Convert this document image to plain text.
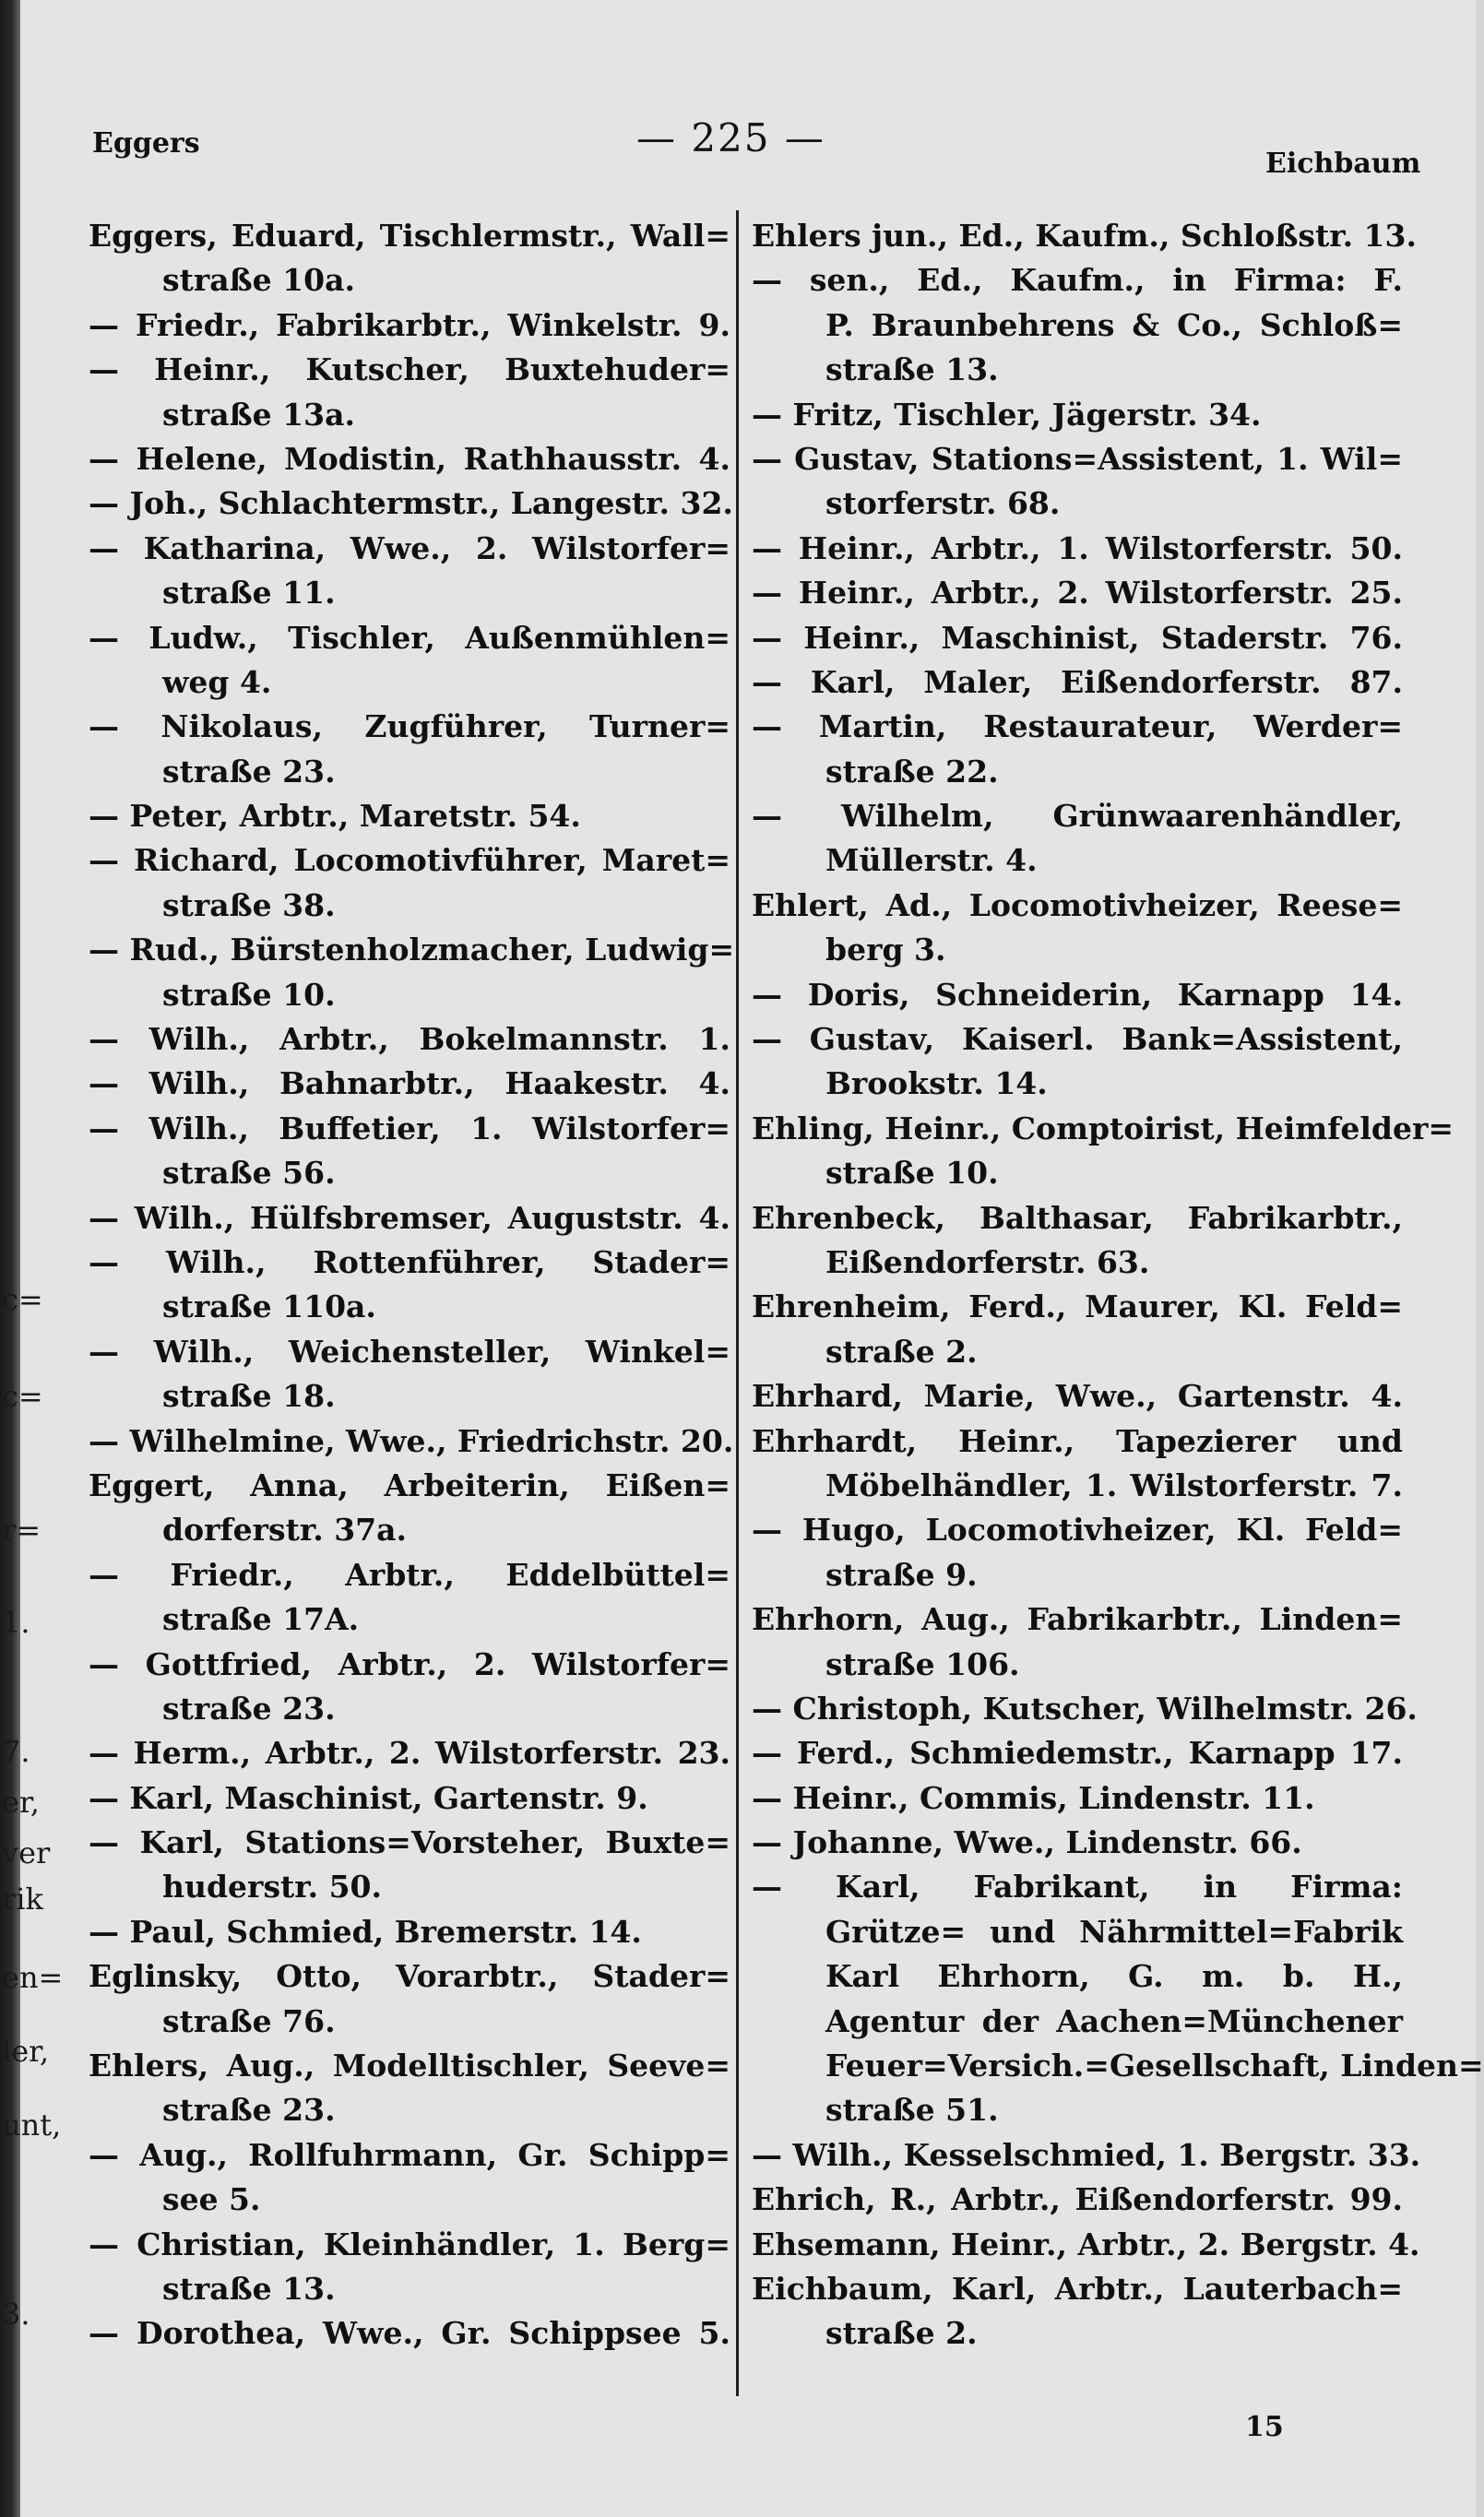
c=
c=
r=
1.
7.
er,
ver
rik
en=
ler,
unt,
3.
Eggers	— 225 —
Eichbaum
Eggers, Eduard, Tischlermstr., Wall=
straße 10a.
— Friedr., Fabrikarbtr., Winkelstr. 9.
— Heinr., Kutscher, Buxtehuder=
straße 13a.
— Helene, Modistin, Rathhausstr. 4.
— Joh., Schlachtermstr., Langestr. 32.
— Katharina, Wwe., 2. Wilstorfer=
straße 11.
— Ludw., Tischler, Außenmühlen=
weg 4.
— Nikolaus, Zugführer, Turner=
straße 23.
— Peter, Arbtr., Maretstr. 54.
— Richard, Locomotivführer, Maret=
straße 38.
— Rud., Bürstenholzmacher, Ludwig=
straße 10.
— Wilh., Arbtr., Bokelmannstr. 1.
— Wilh., Bahnarbtr., Haakestr. 4.
— Wilh., Buffetier, 1. Wilstorfer=
straße 56.
— Wilh., Hülfsbremser, Auguststr. 4.
— Wilh., Rottenführer, Stader=
straße 110a.
— Wilh., Weichensteller, Winkel=
straße 18.
— Wilhelmine, Wwe., Friedrichstr. 20.
Eggert, Anna, Arbeiterin, Eißen=
dorferstr. 37a.
— Friedr., Arbtr., Eddelbüttel=
straße 17A.
— Gottfried, Arbtr., 2. Wilstorfer=
straße 23.
— Herm., Arbtr., 2. Wilstorferstr. 23.
— Karl, Maschinist, Gartenstr. 9.
— Karl, Stations=Vorsteher, Buxte=
huderstr. 50.
— Paul, Schmied, Bremerstr. 14.
Eglinsky, Otto, Vorarbtr., Stader=
straße 76.
Ehlers, Aug., Modelltischler, Seeve=
straße 23.
— Aug., Rollfuhrmann, Gr. Schipp=
see 5.
— Christian, Kleinhändler, 1. Berg=
straße 13.
— Dorothea, Wwe., Gr. Schippsee 5.
Ehlers jun., Ed., Kaufm., Schloßstr. 13.
— sen., Ed., Kaufm., in Firma: F.
P. Braunbehrens & Co., Schloß=
straße 13.
— Fritz, Tischler, Jägerstr. 34.
— Gustav, Stations=Assistent, 1. Wil=
storferstr. 68.
— Heinr., Arbtr., 1. Wilstorferstr. 50.
— Heinr., Arbtr., 2. Wilstorferstr. 25.
— Heinr., Maschinist, Staderstr. 76.
— Karl, Maler, Eißendorferstr. 87.
— Martin, Restaurateur, Werder=
straße 22.
— Wilhelm, Grünwaarenhändler,
Müllerstr. 4.
Ehlert, Ad., Locomotivheizer, Reese=
berg 3.
— Doris, Schneiderin, Karnapp 14.
— Gustav, Kaiserl. Bank=Assistent,
Brookstr. 14.
Ehling, Heinr., Comptoirist, Heimfelder=
straße 10.
Ehrenbeck, Balthasar, Fabrikarbtr.,
Eißendorferstr. 63.
Ehrenheim, Ferd., Maurer, Kl. Feld=
straße 2.
Ehrhard, Marie, Wwe., Gartenstr. 4.
Ehrhardt, Heinr., Tapezierer und
Möbelhändler, 1. Wilstorferstr. 7.
— Hugo, Locomotivheizer, Kl. Feld=
straße 9.
Ehrhorn, Aug., Fabrikarbtr., Linden=
straße 106.
— Christoph, Kutscher, Wilhelmstr. 26.
— Ferd., Schmiedemstr., Karnapp 17.
— Heinr., Commis, Lindenstr. 11.
— Johanne, Wwe., Lindenstr. 66.
— Karl, Fabrikant, in Firma:
Grütze= und Nährmittel=Fabrik
Karl Ehrhorn, G. m. b. H.,
Agentur der Aachen=Münchener
Feuer=Versich.=Gesellschaft, Linden=
straße 51.
— Wilh., Kesselschmied, 1. Bergstr. 33.
Ehrich, R., Arbtr., Eißendorferstr. 99.
Ehsemann, Heinr., Arbtr., 2. Bergstr. 4.
Eichbaum, Karl, Arbtr., Lauterbach=
straße 2.
15
